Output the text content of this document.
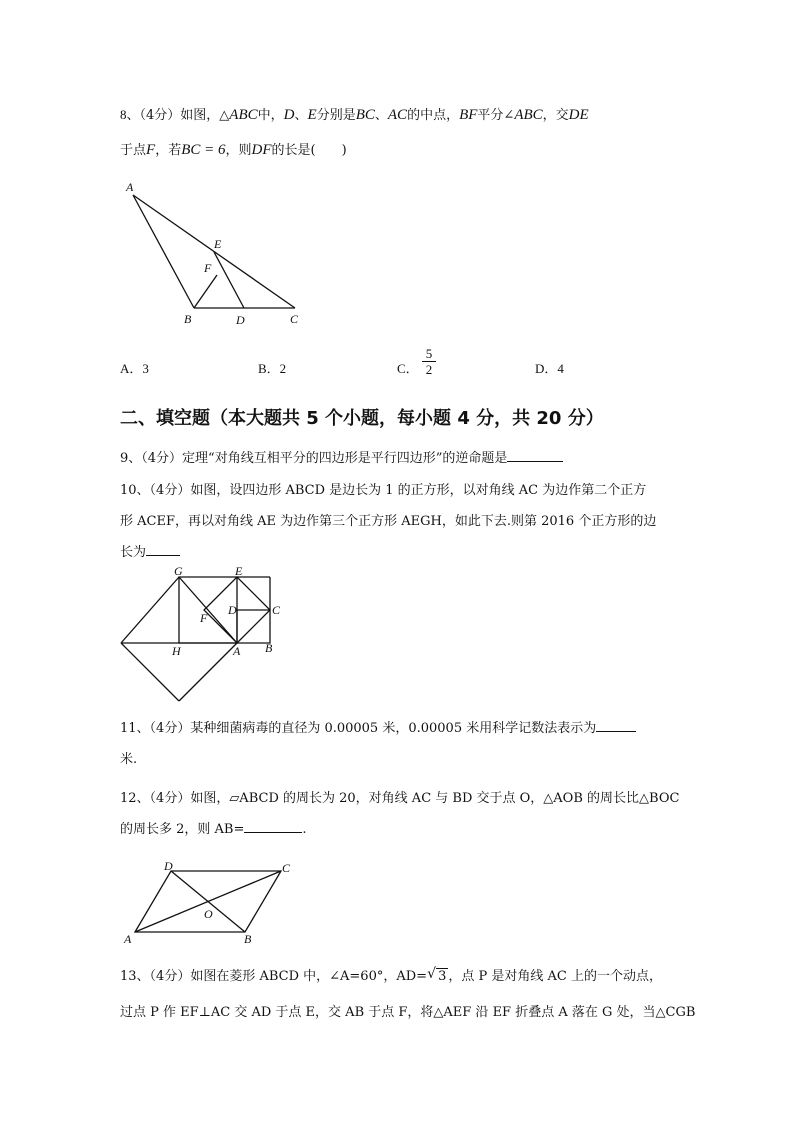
8、（4分）如图，△ABC中，D、E分别是BC、AC的中点，BF平分∠ABC，交DE
于点F，若BC = 6，则DF的长是(　　)
A
B	C
D
E
F
G	E
D	C
F
H	A B
A	B
C
D
O
A．3	B．2	C． $\frac{5}{2}$	D．4
二、填空题（本大题共 5 个小题，每小题 4 分，共 20 分）
9、（4分）定理“对角线互相平分的四边形是平行四边形”的逆命题是
10、（4分）如图，设四边形 ABCD 是边长为 1 的正方形，以对角线 AC 为边作第二个正方
形 ACEF，再以对角线 AE 为边作第三个正方形 AEGH，如此下去.则第 2016 个正方形的边
长为
11、（4分）某种细菌病毒的直径为 0.00005 米，0.00005 米用科学记数法表示为
米.
12、（4分）如图，▱ABCD 的周长为 20，对角线 AC 与 BD 交于点 O，△AOB 的周长比△BOC
的周长多 2，则 AB=	.
13、（4分）如图在菱形 ABCD 中，∠A=60°，AD=√ 3 ，点 P 是对角线 AC 上的一个动点，
过点 P 作 EF⊥AC 交 AD 于点 E，交 AB 于点 F，将△AEF 沿 EF 折叠点 A 落在 G 处，当△CGB
